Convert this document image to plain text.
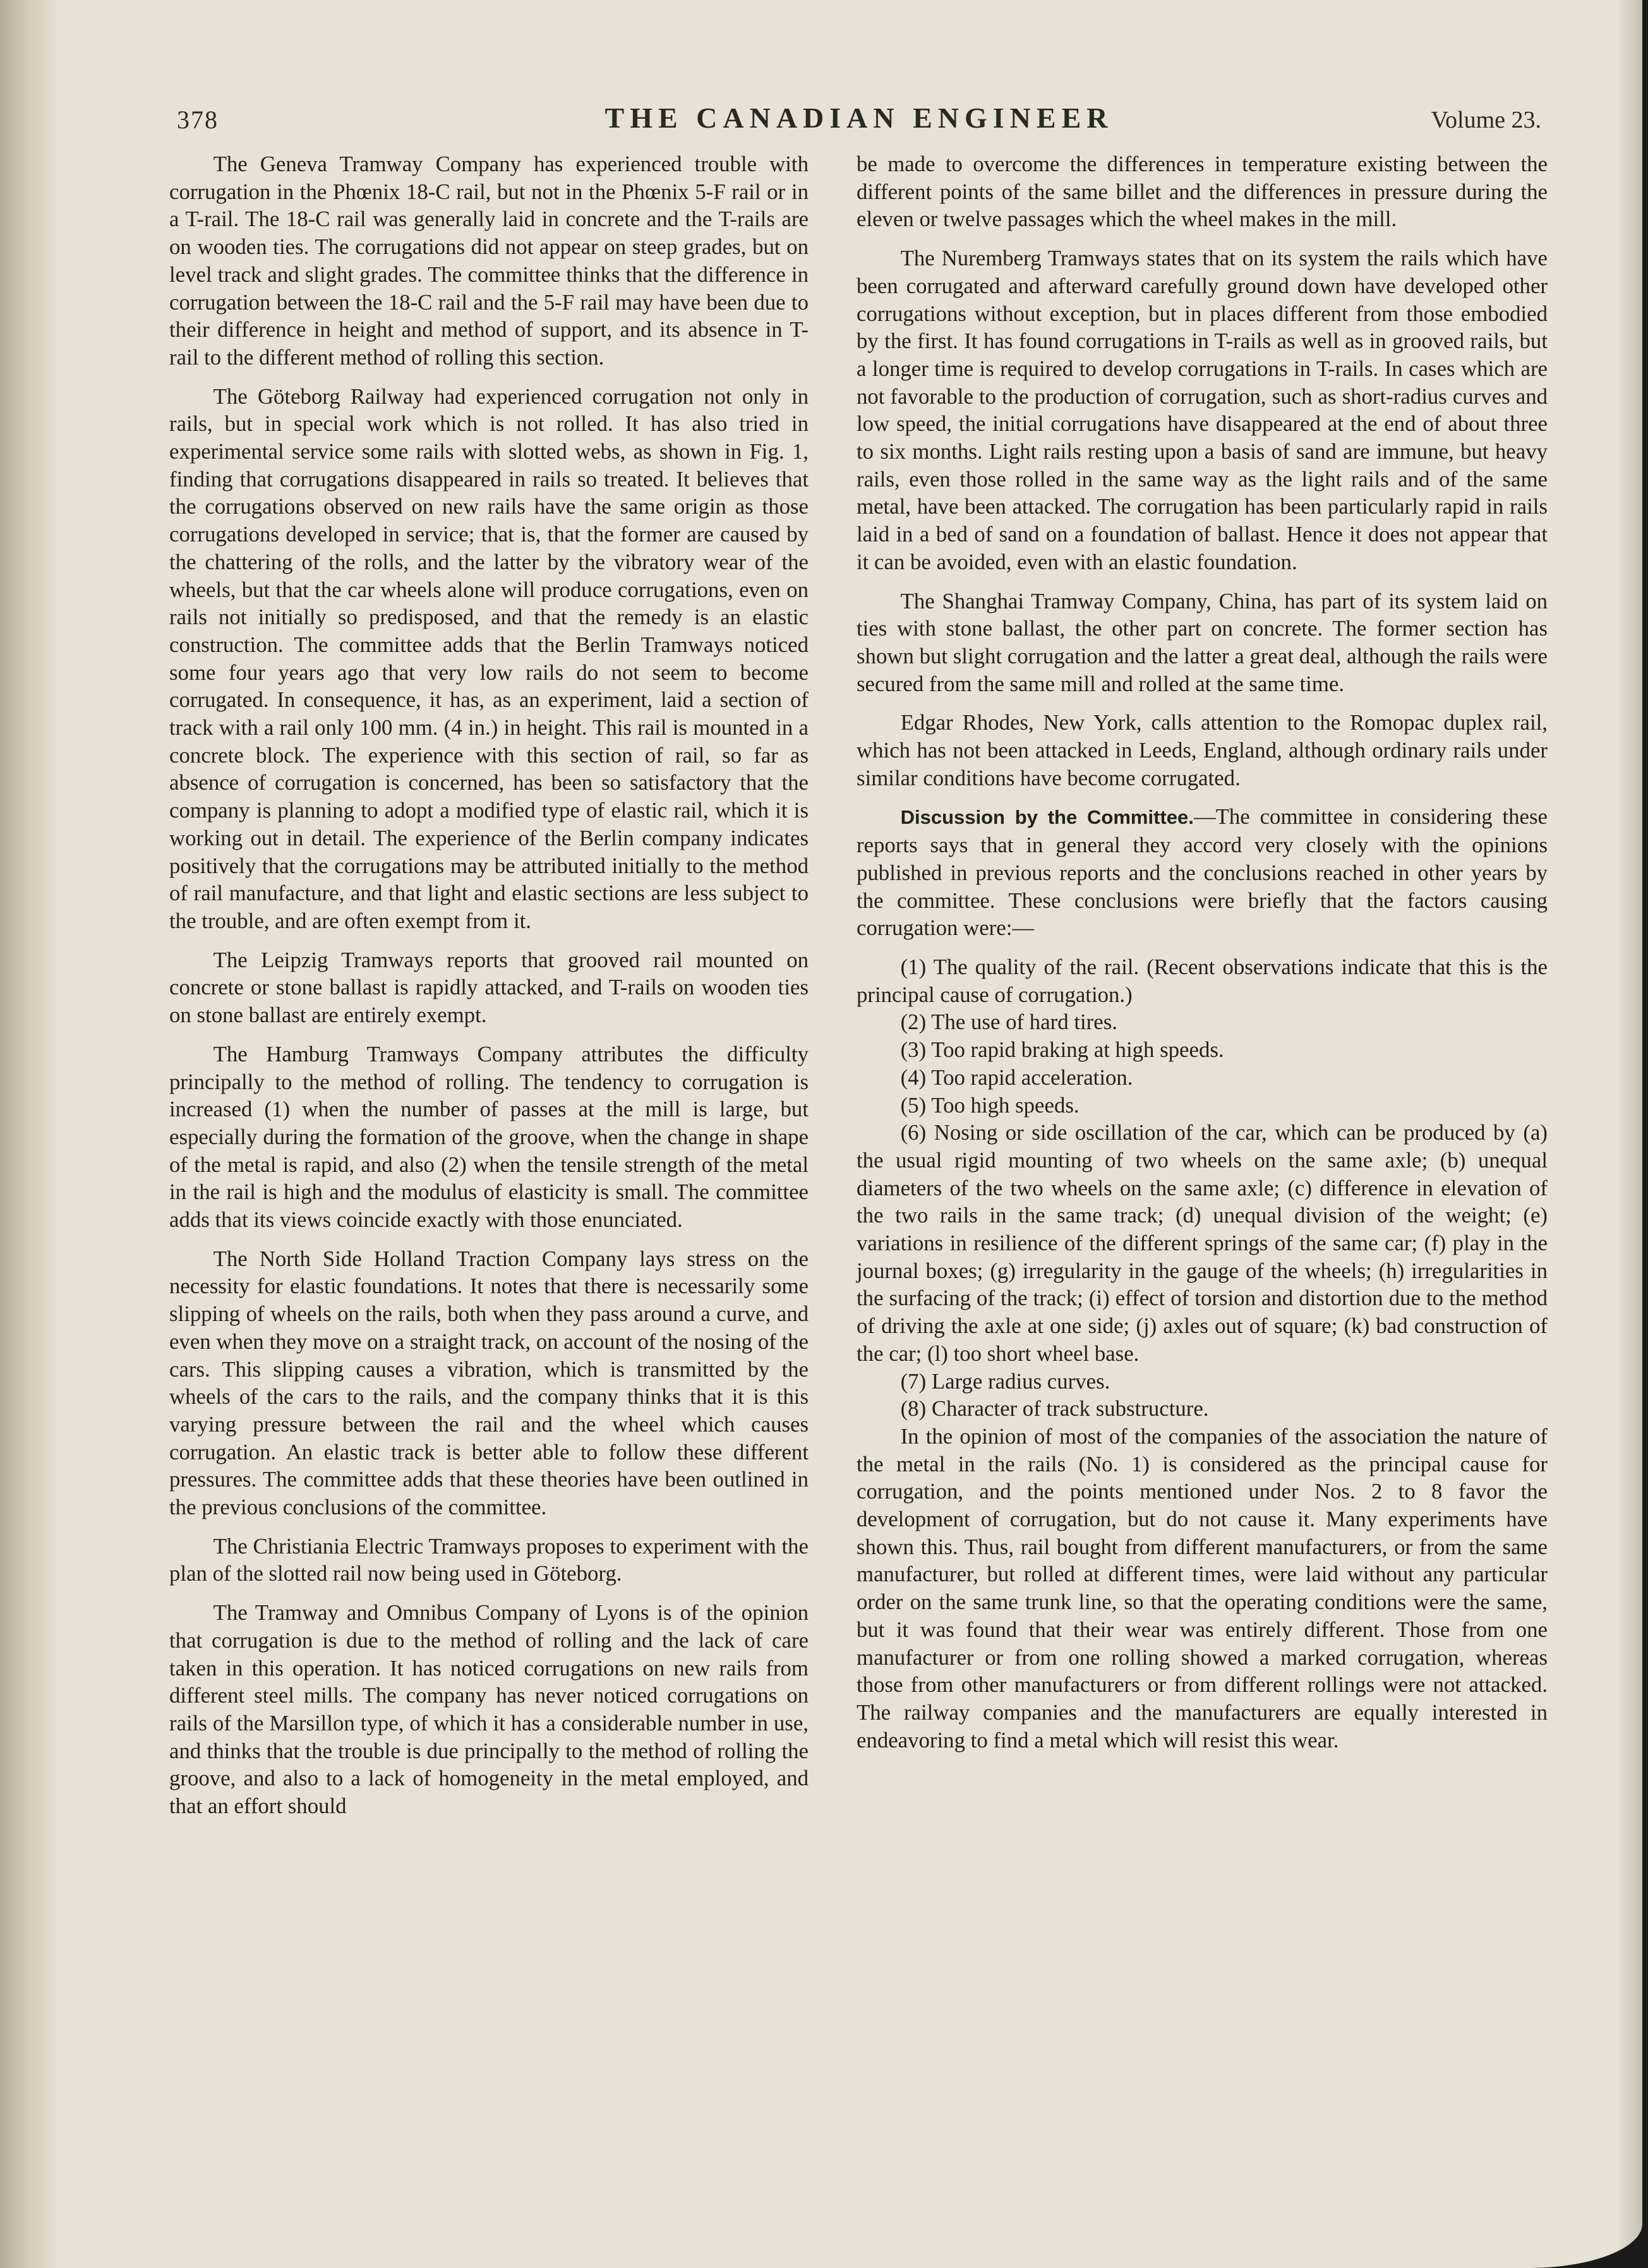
378	THE CANADIAN ENGINEER	Volume 23.

The Geneva Tramway Company has experienced trouble with corrugation in the Phœnix 18-C rail, but not in the Phœnix 5-F rail or in a T-rail. The 18-C rail was generally laid in concrete and the T-rails are on wooden ties. The corrugations did not appear on steep grades, but on level track and slight grades. The committee thinks that the difference in corrugation between the 18-C rail and the 5-F rail may have been due to their difference in height and method of support, and its absence in T-rail to the different method of rolling this section.

The Göteborg Railway had experienced corrugation not only in rails, but in special work which is not rolled. It has also tried in experimental service some rails with slotted webs, as shown in Fig. 1, finding that corrugations disappeared in rails so treated. It believes that the corrugations observed on new rails have the same origin as those corrugations developed in service; that is, that the former are caused by the chattering of the rolls, and the latter by the vibratory wear of the wheels, but that the car wheels alone will produce corrugations, even on rails not initially so predisposed, and that the remedy is an elastic construction. The committee adds that the Berlin Tramways noticed some four years ago that very low rails do not seem to become corrugated. In consequence, it has, as an experiment, laid a section of track with a rail only 100 mm. (4 in.) in height. This rail is mounted in a concrete block. The experience with this section of rail, so far as absence of corrugation is concerned, has been so satisfactory that the company is planning to adopt a modified type of elastic rail, which it is working out in detail. The experience of the Berlin company indicates positively that the corrugations may be attributed initially to the method of rail manufacture, and that light and elastic sections are less subject to the trouble, and are often exempt from it.

The Leipzig Tramways reports that grooved rail mounted on concrete or stone ballast is rapidly attacked, and T-rails on wooden ties on stone ballast are entirely exempt.

The Hamburg Tramways Company attributes the difficulty principally to the method of rolling. The tendency to corrugation is increased (1) when the number of passes at the mill is large, but especially during the formation of the groove, when the change in shape of the metal is rapid, and also (2) when the tensile strength of the metal in the rail is high and the modulus of elasticity is small. The committee adds that its views coincide exactly with those enunciated.

The North Side Holland Traction Company lays stress on the necessity for elastic foundations. It notes that there is necessarily some slipping of wheels on the rails, both when they pass around a curve, and even when they move on a straight track, on account of the nosing of the cars. This slipping causes a vibration, which is transmitted by the wheels of the cars to the rails, and the company thinks that it is this varying pressure between the rail and the wheel which causes corrugation. An elastic track is better able to follow these different pressures. The committee adds that these theories have been outlined in the previous conclusions of the committee.

The Christiania Electric Tramways proposes to experiment with the plan of the slotted rail now being used in Göteborg.

The Tramway and Omnibus Company of Lyons is of the opinion that corrugation is due to the method of rolling and the lack of care taken in this operation. It has noticed corrugations on new rails from different steel mills. The company has never noticed corrugations on rails of the Marsillon type, of which it has a considerable number in use, and thinks that the trouble is due principally to the method of rolling the groove, and also to a lack of homogeneity in the metal employed, and that an effort should

be made to overcome the differences in temperature existing between the different points of the same billet and the differences in pressure during the eleven or twelve passages which the wheel makes in the mill.

The Nuremberg Tramways states that on its system the rails which have been corrugated and afterward carefully ground down have developed other corrugations without exception, but in places different from those embodied by the first. It has found corrugations in T-rails as well as in grooved rails, but a longer time is required to develop corrugations in T-rails. In cases which are not favorable to the production of corrugation, such as short-radius curves and low speed, the initial corrugations have disappeared at the end of about three to six months. Light rails resting upon a basis of sand are immune, but heavy rails, even those rolled in the same way as the light rails and of the same metal, have been attacked. The corrugation has been particularly rapid in rails laid in a bed of sand on a foundation of ballast. Hence it does not appear that it can be avoided, even with an elastic foundation.

The Shanghai Tramway Company, China, has part of its system laid on ties with stone ballast, the other part on concrete. The former section has shown but slight corrugation and the latter a great deal, although the rails were secured from the same mill and rolled at the same time.

Edgar Rhodes, New York, calls attention to the Romopac duplex rail, which has not been attacked in Leeds, England, although ordinary rails under similar conditions have become corrugated.

Discussion by the Committee.—The committee in considering these reports says that in general they accord very closely with the opinions published in previous reports and the conclusions reached in other years by the committee. These conclusions were briefly that the factors causing corrugation were:—

(1) The quality of the rail. (Recent observations indicate that this is the principal cause of corrugation.)

(2) The use of hard tires.

(3) Too rapid braking at high speeds.

(4) Too rapid acceleration.

(5) Too high speeds.

(6) Nosing or side oscillation of the car, which can be produced by (a) the usual rigid mounting of two wheels on the same axle; (b) unequal diameters of the two wheels on the same axle; (c) difference in elevation of the two rails in the same track; (d) unequal division of the weight; (e) variations in resilience of the different springs of the same car; (f) play in the journal boxes; (g) irregularity in the gauge of the wheels; (h) irregularities in the surfacing of the track; (i) effect of torsion and distortion due to the method of driving the axle at one side; (j) axles out of square; (k) bad construction of the car; (l) too short wheel base.

(7) Large radius curves.

(8) Character of track substructure.

In the opinion of most of the companies of the association the nature of the metal in the rails (No. 1) is considered as the principal cause for corrugation, and the points mentioned under Nos. 2 to 8 favor the development of corrugation, but do not cause it. Many experiments have shown this. Thus, rail bought from different manufacturers, or from the same manufacturer, but rolled at different times, were laid without any particular order on the same trunk line, so that the operating conditions were the same, but it was found that their wear was entirely different. Those from one manufacturer or from one rolling showed a marked corrugation, whereas those from other manufacturers or from different rollings were not attacked. The railway companies and the manufacturers are equally interested in endeavoring to find a metal which will resist this wear.
